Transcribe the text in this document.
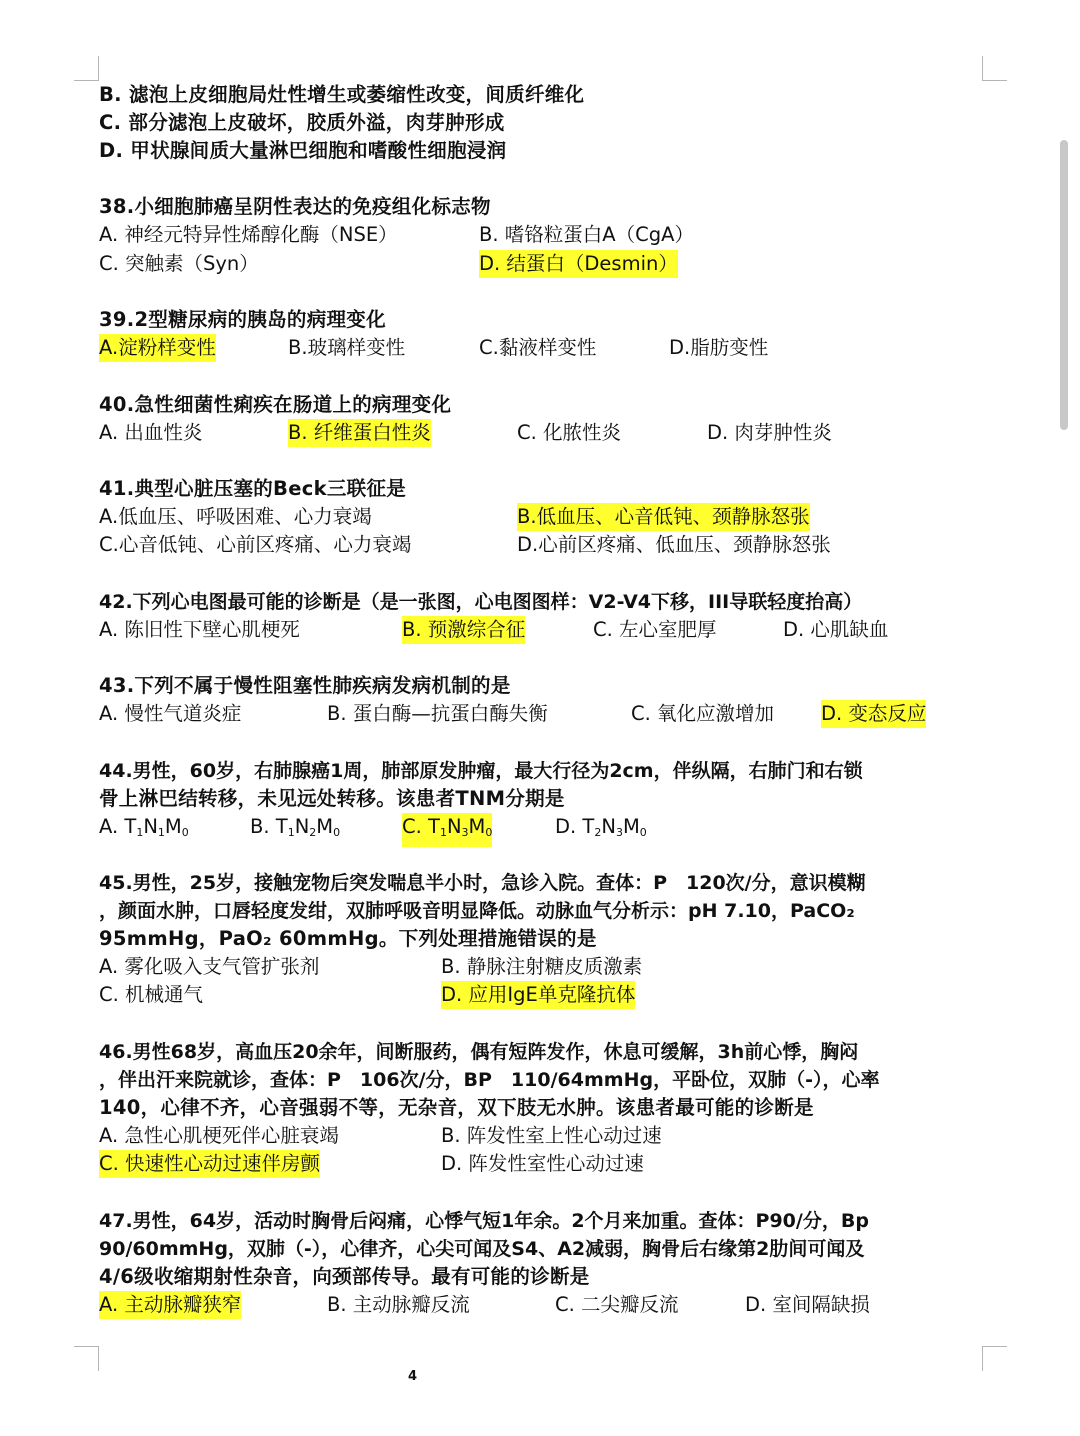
B. 滤泡上皮细胞局灶性增生或萎缩性改变，间质纤维化
C. 部分滤泡上皮破坏，胶质外溢，肉芽肿形成
D. 甲状腺间质大量淋巴细胞和嗜酸性细胞浸润
38.小细胞肺癌呈阴性表达的免疫组化标志物
A. 神经元特异性烯醇化酶（NSE）	B. 嗜铬粒蛋白A（CgA）
C. 突触素（Syn）	D. 结蛋白（Desmin）
39.2型糖尿病的胰岛的病理变化
A.淀粉样变性	B.玻璃样变性	C.黏液样变性	D.脂肪变性
40.急性细菌性痢疾在肠道上的病理变化
A. 出血性炎	B. 纤维蛋白性炎	C. 化脓性炎	D. 肉芽肿性炎
41.典型心脏压塞的Beck三联征是
A.低血压、呼吸困难、心力衰竭	B.低血压、心音低钝、颈静脉怒张
C.心音低钝、心前区疼痛、心力衰竭	D.心前区疼痛、低血压、颈静脉怒张
42.下列心电图最可能的诊断是（是一张图，心电图图样：V2-V4下移，III导联轻度抬高）
A. 陈旧性下壁心肌梗死	B. 预激综合征	C. 左心室肥厚	D. 心肌缺血
43.下列不属于慢性阻塞性肺疾病发病机制的是
A. 慢性气道炎症	B. 蛋白酶—抗蛋白酶失衡	C. 氧化应激增加 D. 变态反应
44.男性，60岁，右肺腺癌1周，肺部原发肿瘤，最大行径为2cm，伴纵隔，右肺门和右锁
骨上淋巴结转移，未见远处转移。该患者TNM分期是
A. $T_1N_1M_0$	B. $T_1N_2M_0$	C. $T_1N_3M_0$	D. $T_2N_3M_0$
45.男性，25岁，接触宠物后突发喘息半小时，急诊入院。查体：P　120次/分，意识模糊
，颜面水肿，口唇轻度发绀，双肺呼吸音明显降低。动脉血气分析示：pH 7.10，PaCO₂
95mmHg，PaO₂ 60mmHg。下列处理措施错误的是
A. 雾化吸入支气管扩张剂	B. 静脉注射糖皮质激素
C. 机械通气	D. 应用IgE单克隆抗体
46.男性68岁，高血压20余年，间断服药，偶有短阵发作，休息可缓解，3h前心悸，胸闷
，伴出汗来院就诊，查体：P　106次/分，BP　110/64mmHg，平卧位，双肺（-），心率
140，心律不齐，心音强弱不等，无杂音，双下肢无水肿。该患者最可能的诊断是
A. 急性心肌梗死伴心脏衰竭	B. 阵发性室上性心动过速
C. 快速性心动过速伴房颤	D. 阵发性室性心动过速
47.男性，64岁，活动时胸骨后闷痛，心悸气短1年余。2个月来加重。查体：P90/分，Bp
90/60mmHg，双肺（-），心律齐，心尖可闻及S4、A2减弱，胸骨后右缘第2肋间可闻及
4/6级收缩期射性杂音，向颈部传导。最有可能的诊断是
A. 主动脉瓣狭窄	B. 主动脉瓣反流	C. 二尖瓣反流	D. 室间隔缺损
4
